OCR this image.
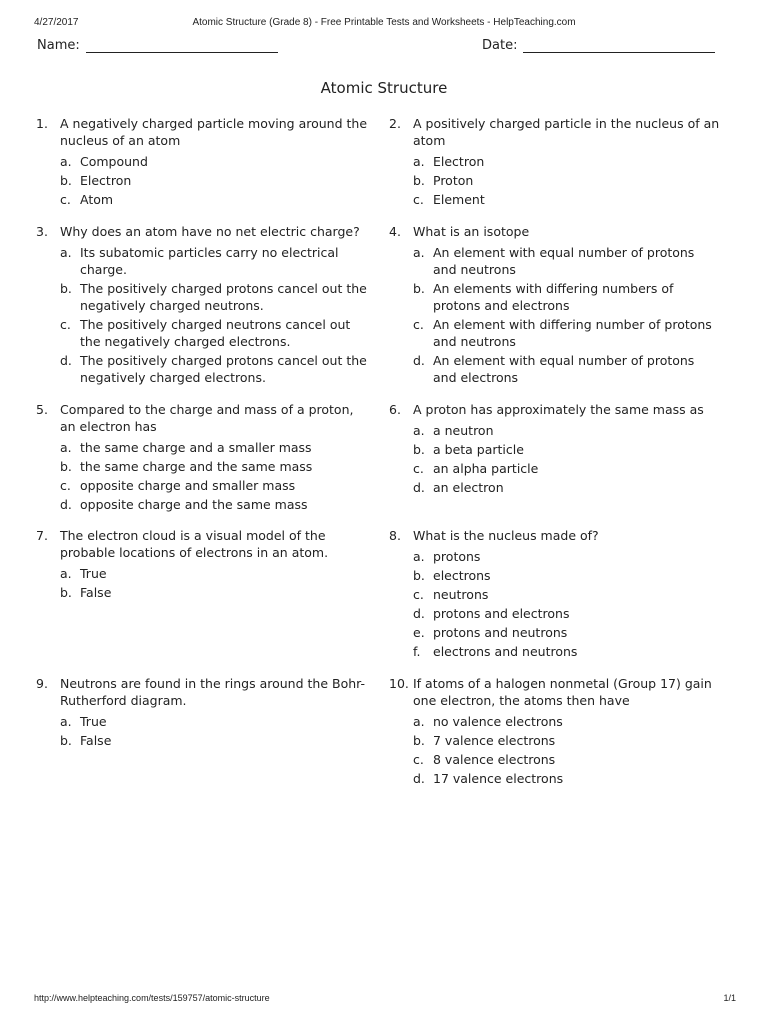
4/27/2017	Atomic Structure (Grade 8) - Free Printable Tests and Worksheets - HelpTeaching.com
Name:	Date:
Atomic Structure
1. A negatively charged particle moving around the nucleus of an atom
a. Compound
b. Electron
c. Atom
2. A positively charged particle in the nucleus of an atom
a. Electron
b. Proton
c. Element
3. Why does an atom have no net electric charge?
a. Its subatomic particles carry no electrical charge.
b. The positively charged protons cancel out the negatively charged neutrons.
c. The positively charged neutrons cancel out the negatively charged electrons.
d. The positively charged protons cancel out the negatively charged electrons.
4. What is an isotope
a. An element with equal number of protons and neutrons
b. An elements with differing numbers of protons and electrons
c. An element with differing number of protons and neutrons
d. An element with equal number of protons and electrons
5. Compared to the charge and mass of a proton, an electron has
a. the same charge and a smaller mass
b. the same charge and the same mass
c. opposite charge and smaller mass
d. opposite charge and the same mass
6. A proton has approximately the same mass as
a. a neutron
b. a beta particle
c. an alpha particle
d. an electron
7. The electron cloud is a visual model of the probable locations of electrons in an atom.
a. True
b. False
8. What is the nucleus made of?
a. protons
b. electrons
c. neutrons
d. protons and electrons
e. protons and neutrons
f.	electrons and neutrons
9. Neutrons are found in the rings around the Bohr-Rutherford diagram.
a. True
b. False
10. If atoms of a halogen nonmetal (Group 17) gain one electron, the atoms then have
a. no valence electrons
b. 7 valence electrons
c. 8 valence electrons
d. 17 valence electrons
http://www.helpteaching.com/tests/159757/atomic-structure	1/1
